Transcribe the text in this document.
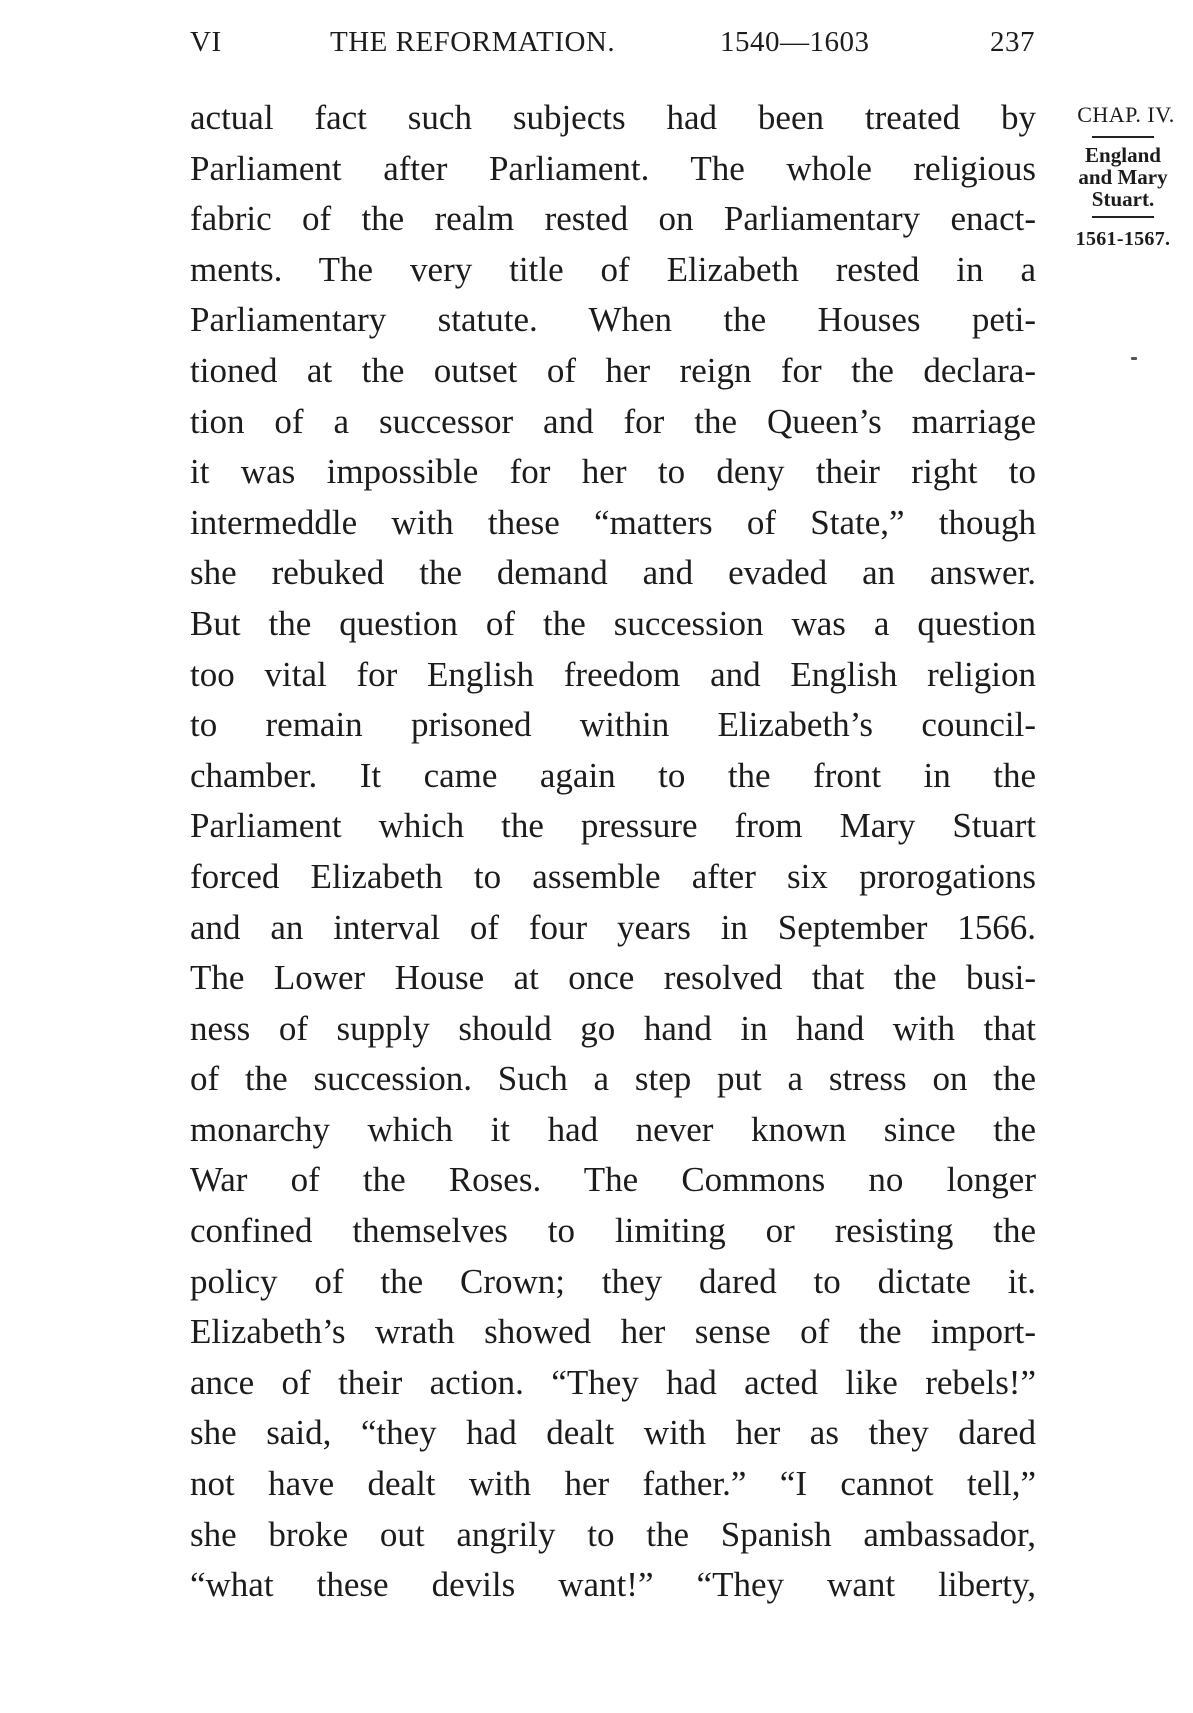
VI	THE REFORMATION.	1540—1603	237
actual fact such subjects had been treated by
Parliament after Parliament. The whole religious
fabric of the realm rested on Parliamentary enact-
ments. The very title of Elizabeth rested in a
Parliamentary statute. When the Houses peti-
tioned at the outset of her reign for the declara-
tion of a successor and for the Queen’s marriage
it was impossible for her to deny their right to
intermeddle with these “matters of State,” though
she rebuked the demand and evaded an answer.
But the question of the succession was a question
too vital for English freedom and English religion
to remain prisoned within Elizabeth’s council-
chamber. It came again to the front in the
Parliament which the pressure from Mary Stuart
forced Elizabeth to assemble after six prorogations
and an interval of four years in September 1566.
The Lower House at once resolved that the busi-
ness of supply should go hand in hand with that
of the succession. Such a step put a stress on the
monarchy which it had never known since the
War of the Roses. The Commons no longer
confined themselves to limiting or resisting the
policy of the Crown; they dared to dictate it.
Elizabeth’s wrath showed her sense of the import-
ance of their action. “They had acted like rebels!”
she said, “they had dealt with her as they dared
not have dealt with her father.” “I cannot tell,”
she broke out angrily to the Spanish ambassador,
“what these devils want!” “They want liberty,
CHAP. IV.
England
and Mary
Stuart.
1561-1567.
